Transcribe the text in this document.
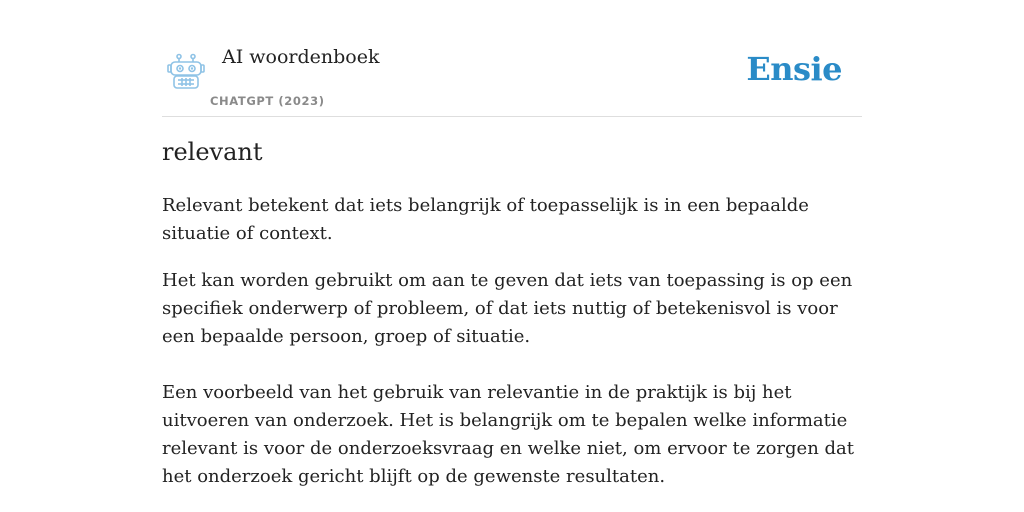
AI woordenboek
CHATGPT (2023)
Ensie
relevant

Relevant betekent dat iets belangrijk of toepasselijk is in een bepaalde situatie of context.

Het kan worden gebruikt om aan te geven dat iets van toepassing is op een specifiek onderwerp of probleem, of dat iets nuttig of betekenisvol is voor een bepaalde persoon, groep of situatie.

Een voorbeeld van het gebruik van relevantie in de praktijk is bij het uitvoeren van onderzoek. Het is belangrijk om te bepalen welke informatie relevant is voor de onderzoeksvraag en welke niet, om ervoor te zorgen dat het onderzoek gericht blijft op de gewenste resultaten.
